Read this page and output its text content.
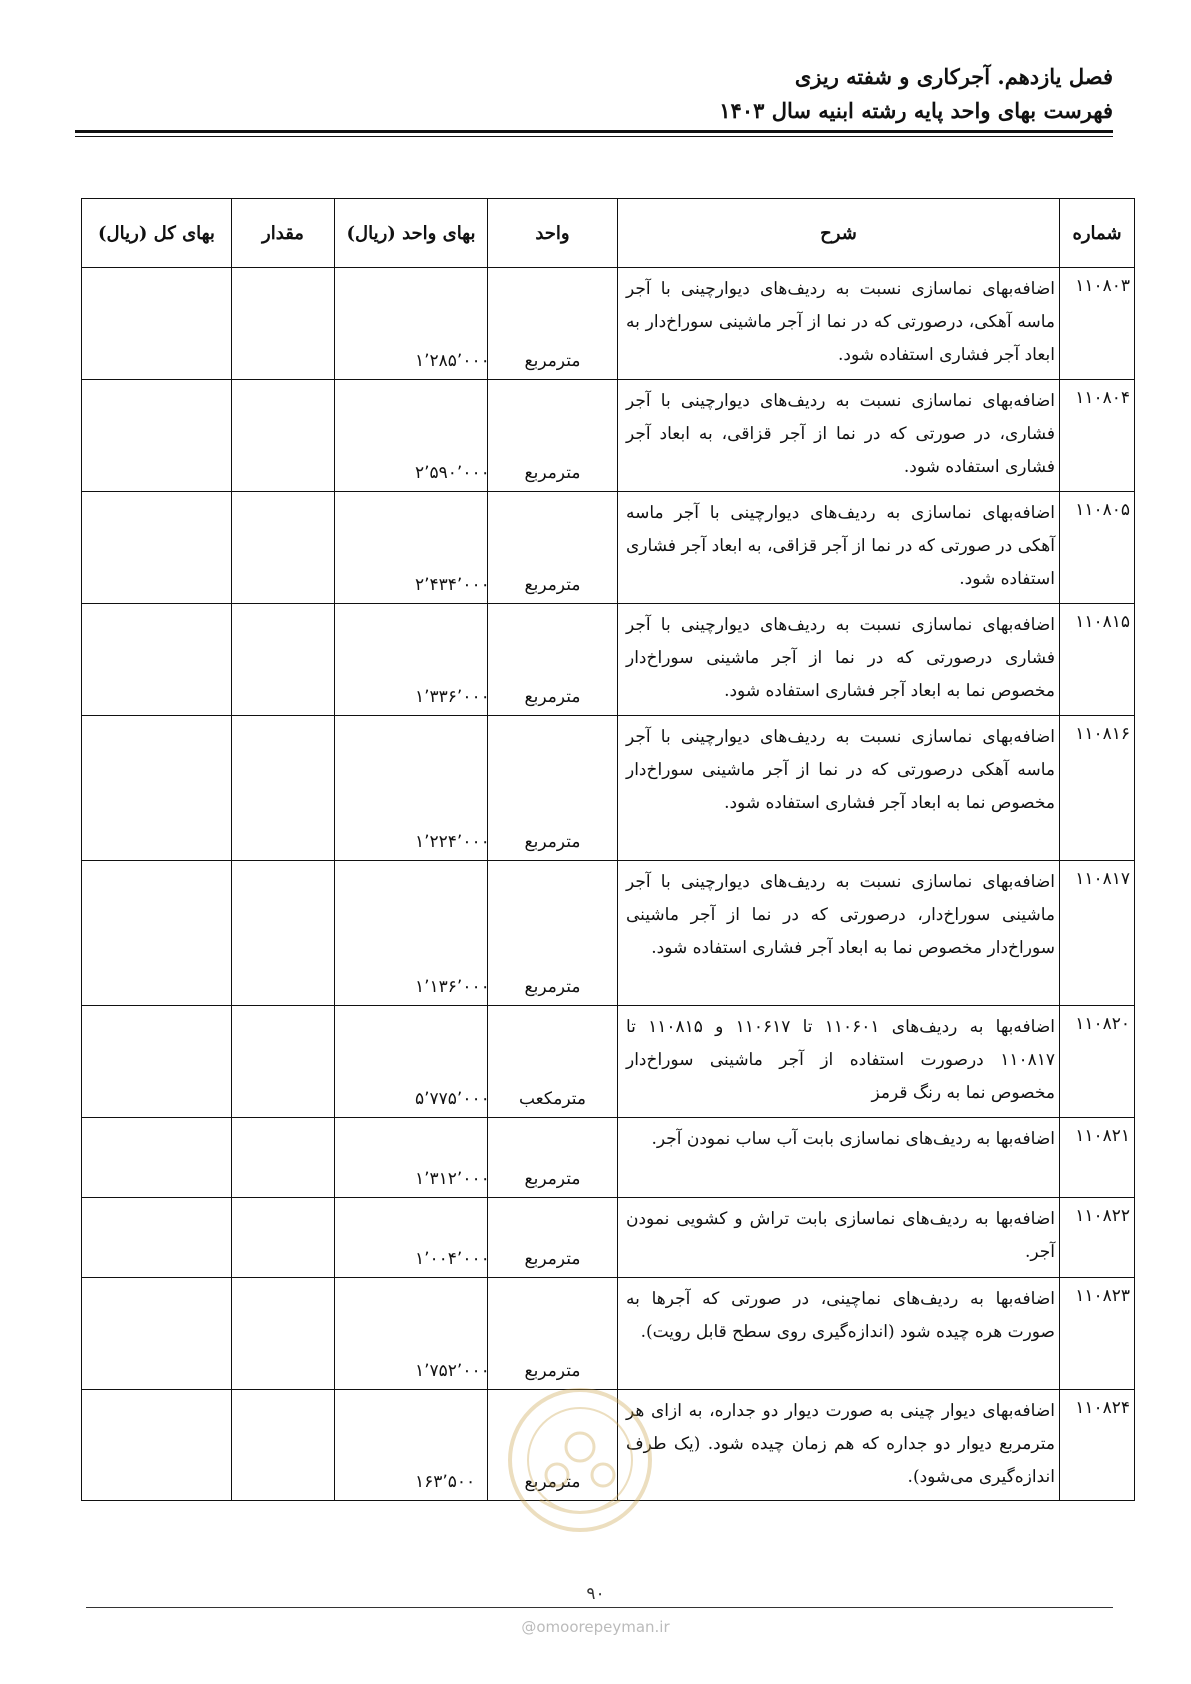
فصل یازدهم. آجرکاری و شفته ریزی
فهرست بهای واحد پایه رشته ابنیه سال ۱۴۰۳
شماره	شرح	واحد	بهای واحد (ریال)	مقدار	بهای کل (ریال)
۱۱۰۸۰۳	اضافه‌بهای نماسازی نسبت به ردیف‌های دیوارچینی با آجر ماسه آهکی، درصورتی که در نما از آجر ماشینی سوراخ‌دار به ابعاد آجر فشاری استفاده شود.	مترمربع	۱٬۲۸۵٬۰۰۰		
۱۱۰۸۰۴	اضافه‌بهای نماسازی نسبت به ردیف‌های دیوارچینی با آجر فشاری، در صورتی که در نما از آجر قزاقی، به ابعاد آجر فشاری استفاده شود.	مترمربع	۲٬۵۹۰٬۰۰۰		
۱۱۰۸۰۵	اضافه‌بهای نماسازی به ردیف‌های دیوارچینی با آجر ماسه آهکی در صورتی که در نما از آجر قزاقی، به ابعاد آجر فشاری استفاده شود.	مترمربع	۲٬۴۳۴٬۰۰۰		
۱۱۰۸۱۵	اضافه‌بهای نماسازی نسبت به ردیف‌های دیوارچینی با آجر فشاری درصورتی که در نما از آجر ماشینی سوراخ‌دار مخصوص نما به ابعاد آجر فشاری استفاده شود.	مترمربع	۱٬۳۳۶٬۰۰۰		
۱۱۰۸۱۶	اضافه‌بهای نماسازی نسبت به ردیف‌های دیوارچینی با آجر ماسه آهکی درصورتی که در نما از آجر ماشینی سوراخ‌دار مخصوص نما به ابعاد آجر فشاری استفاده شود.	مترمربع	۱٬۲۲۴٬۰۰۰		
۱۱۰۸۱۷	اضافه‌بهای نماسازی نسبت به ردیف‌های دیوارچینی با آجر ماشینی سوراخ‌دار، درصورتی که در نما از آجر ماشینی سوراخ‌دار مخصوص نما به ابعاد آجر فشاری استفاده شود.	مترمربع	۱٬۱۳۶٬۰۰۰		
۱۱۰۸۲۰	اضافه‌بها به ردیف‌های ۱۱۰۶۰۱ تا ۱۱۰۶۱۷ و ۱۱۰۸۱۵ تا ۱۱۰۸۱۷ درصورت استفاده از آجر ماشینی سوراخ‌دار مخصوص نما به رنگ قرمز	مترمکعب	۵٬۷۷۵٬۰۰۰		
۱۱۰۸۲۱	اضافه‌بها به ردیف‌های نماسازی بابت آب ساب نمودن آجر.	مترمربع	۱٬۳۱۲٬۰۰۰		
۱۱۰۸۲۲	اضافه‌بها به ردیف‌های نماسازی بابت تراش و کشویی نمودن آجر.	مترمربع	۱٬۰۰۴٬۰۰۰		
۱۱۰۸۲۳	اضافه‌بها به ردیف‌های نماچینی، در صورتی که آجرها به صورت هره چیده شود (اندازه‌گیری روی سطح قابل رویت).	مترمربع	۱٬۷۵۲٬۰۰۰		
۱۱۰۸۲۴	اضافه‌بهای دیوار چینی به صورت دیوار دو جداره، به ازای هر مترمربع دیوار دو جداره که هم زمان چیده شود. (یک طرف اندازه‌گیری می‌شود).	مترمربع	۱۶۳٬۵۰۰		
۹۰
@omoorepeyman.ir
